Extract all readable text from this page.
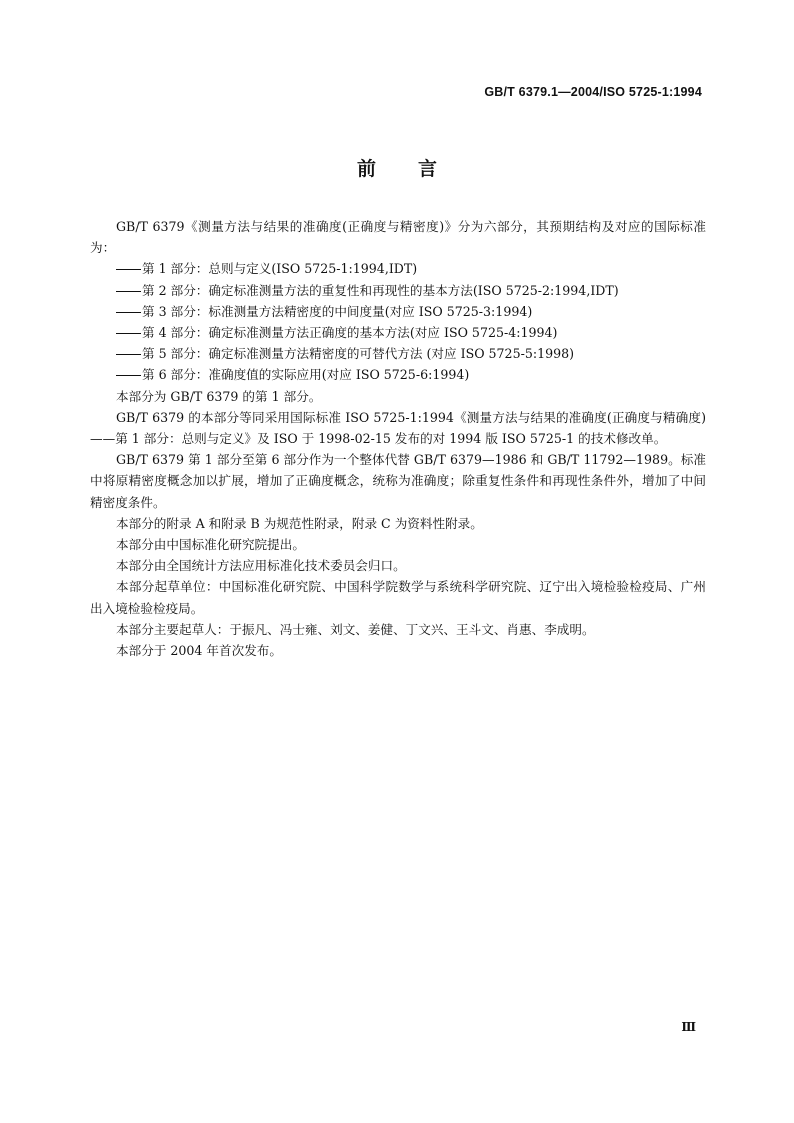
GB/T 6379.1—2004/ISO 5725-1:1994
前言

GB/T 6379《测量方法与结果的准确度(正确度与精密度)》分为六部分，其预期结构及对应的国际标准为：

第 1 部分：总则与定义(ISO 5725-1:1994,IDT)

第 2 部分：确定标准测量方法的重复性和再现性的基本方法(ISO 5725-2:1994,IDT)

第 3 部分：标准测量方法精密度的中间度量(对应 ISO 5725-3:1994)

第 4 部分：确定标准测量方法正确度的基本方法(对应 ISO 5725-4:1994)

第 5 部分：确定标准测量方法精密度的可替代方法 (对应 ISO 5725-5:1998)

第 6 部分：准确度值的实际应用(对应 ISO 5725-6:1994)

本部分为 GB/T 6379 的第 1 部分。

GB/T 6379 的本部分等同采用国际标准 ISO 5725-1:1994《测量方法与结果的准确度(正确度与精确度)——第 1 部分：总则与定义》及 ISO 于 1998-02-15 发布的对 1994 版 ISO 5725-1 的技术修改单。

GB/T 6379 第 1 部分至第 6 部分作为一个整体代替 GB/T 6379—1986 和 GB/T 11792—1989。标准中将原精密度概念加以扩展，增加了正确度概念，统称为准确度；除重复性条件和再现性条件外，增加了中间精密度条件。

本部分的附录 A 和附录 B 为规范性附录，附录 C 为资料性附录。

本部分由中国标准化研究院提出。

本部分由全国统计方法应用标准化技术委员会归口。

本部分起草单位：中国标准化研究院、中国科学院数学与系统科学研究院、辽宁出入境检验检疫局、广州出入境检验检疫局。

本部分主要起草人：于振凡、冯士雍、刘文、姜健、丁文兴、王斗文、肖惠、李成明。

本部分于 2004 年首次发布。

Ⅲ
